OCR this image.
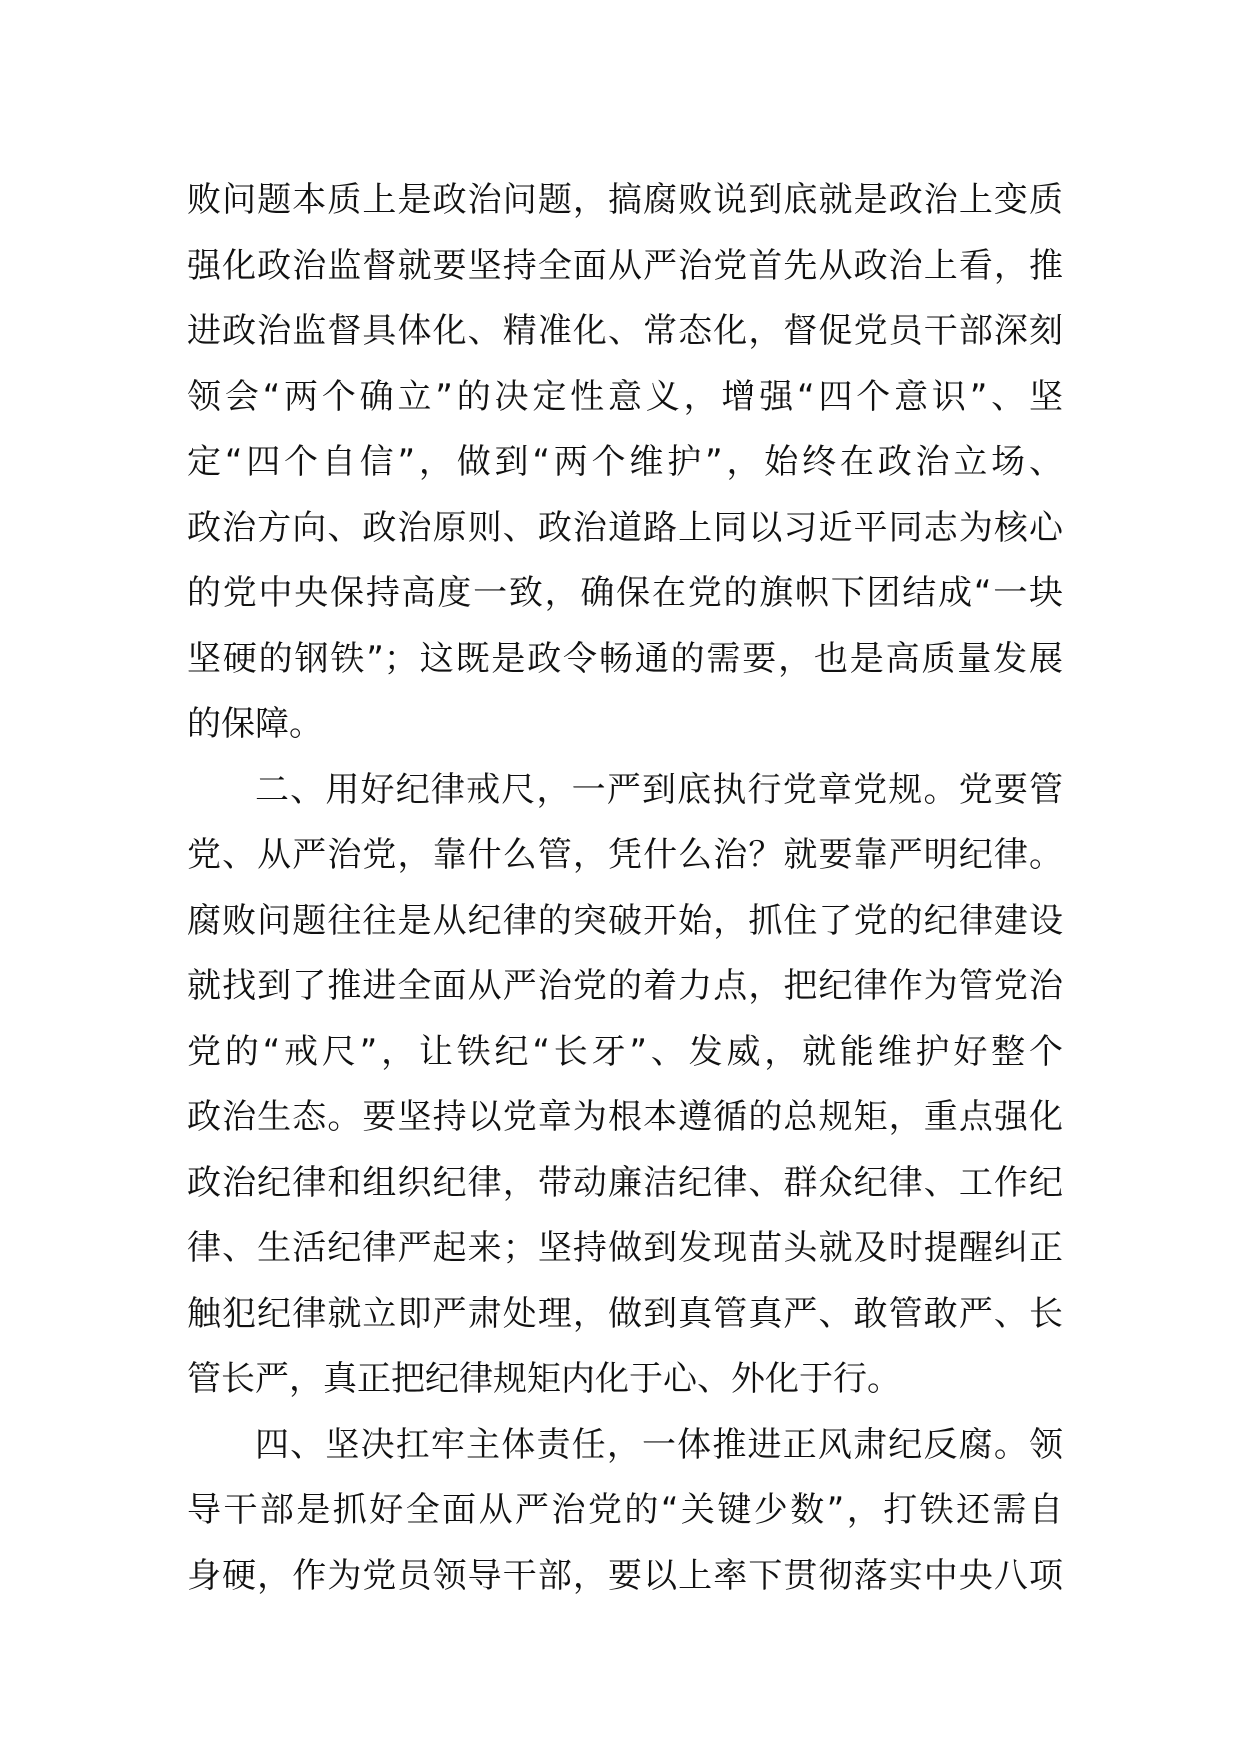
败问题本质上是政治问题，搞腐败说到底就是政治上变质
强化政治监督就要坚持全面从严治党首先从政治上看，推
进政治监督具体化、精准化、常态化，督促党员干部深刻
领会“两个确立”的决定性意义，增强“四个意识”、坚
定“四个自信”，做到“两个维护”，始终在政治立场、
政治方向、政治原则、政治道路上同以习近平同志为核心
的党中央保持高度一致，确保在党的旗帜下团结成“一块
坚硬的钢铁”；这既是政令畅通的需要，也是高质量发展
的保障。
二、用好纪律戒尺，一严到底执行党章党规。党要管
党、从严治党，靠什么管，凭什么治？就要靠严明纪律。
腐败问题往往是从纪律的突破开始，抓住了党的纪律建设
就找到了推进全面从严治党的着力点，把纪律作为管党治
党的“戒尺”，让铁纪“长牙”、发威，就能维护好整个
政治生态。要坚持以党章为根本遵循的总规矩，重点强化
政治纪律和组织纪律，带动廉洁纪律、群众纪律、工作纪
律、生活纪律严起来；坚持做到发现苗头就及时提醒纠正
触犯纪律就立即严肃处理，做到真管真严、敢管敢严、长
管长严，真正把纪律规矩内化于心、外化于行。
四、坚决扛牢主体责任，一体推进正风肃纪反腐。领
导干部是抓好全面从严治党的“关键少数”，打铁还需自
身硬，作为党员领导干部，要以上率下贯彻落实中央八项
